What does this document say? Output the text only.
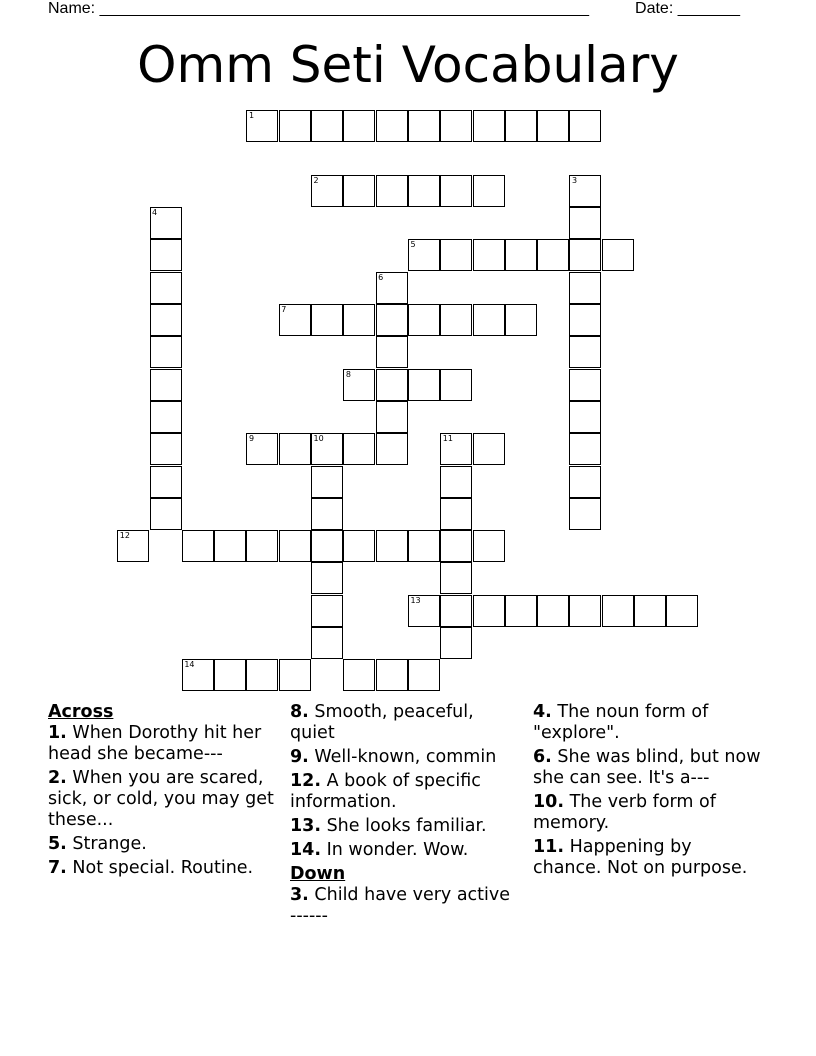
Name: _______________________________________________________	Date: _______
Omm Seti Vocabulary
1
2	3
4
5
6
7
8
9	10	11
12
13
14
Across
1. When Dorothy hit her head she became---
2. When you are scared, sick, or cold, you may get these...
5. Strange.
7. Not special. Routine.
8. Smooth, peaceful, quiet
9. Well-known, commin
12. A book of specific information.
13. She looks familiar.
14. In wonder. Wow.
Down
3. Child have very active ------
4. The noun form of "explore".
6. She was blind, but now she can see. It's a---
10. The verb form of memory.
11. Happening by chance. Not on purpose.
